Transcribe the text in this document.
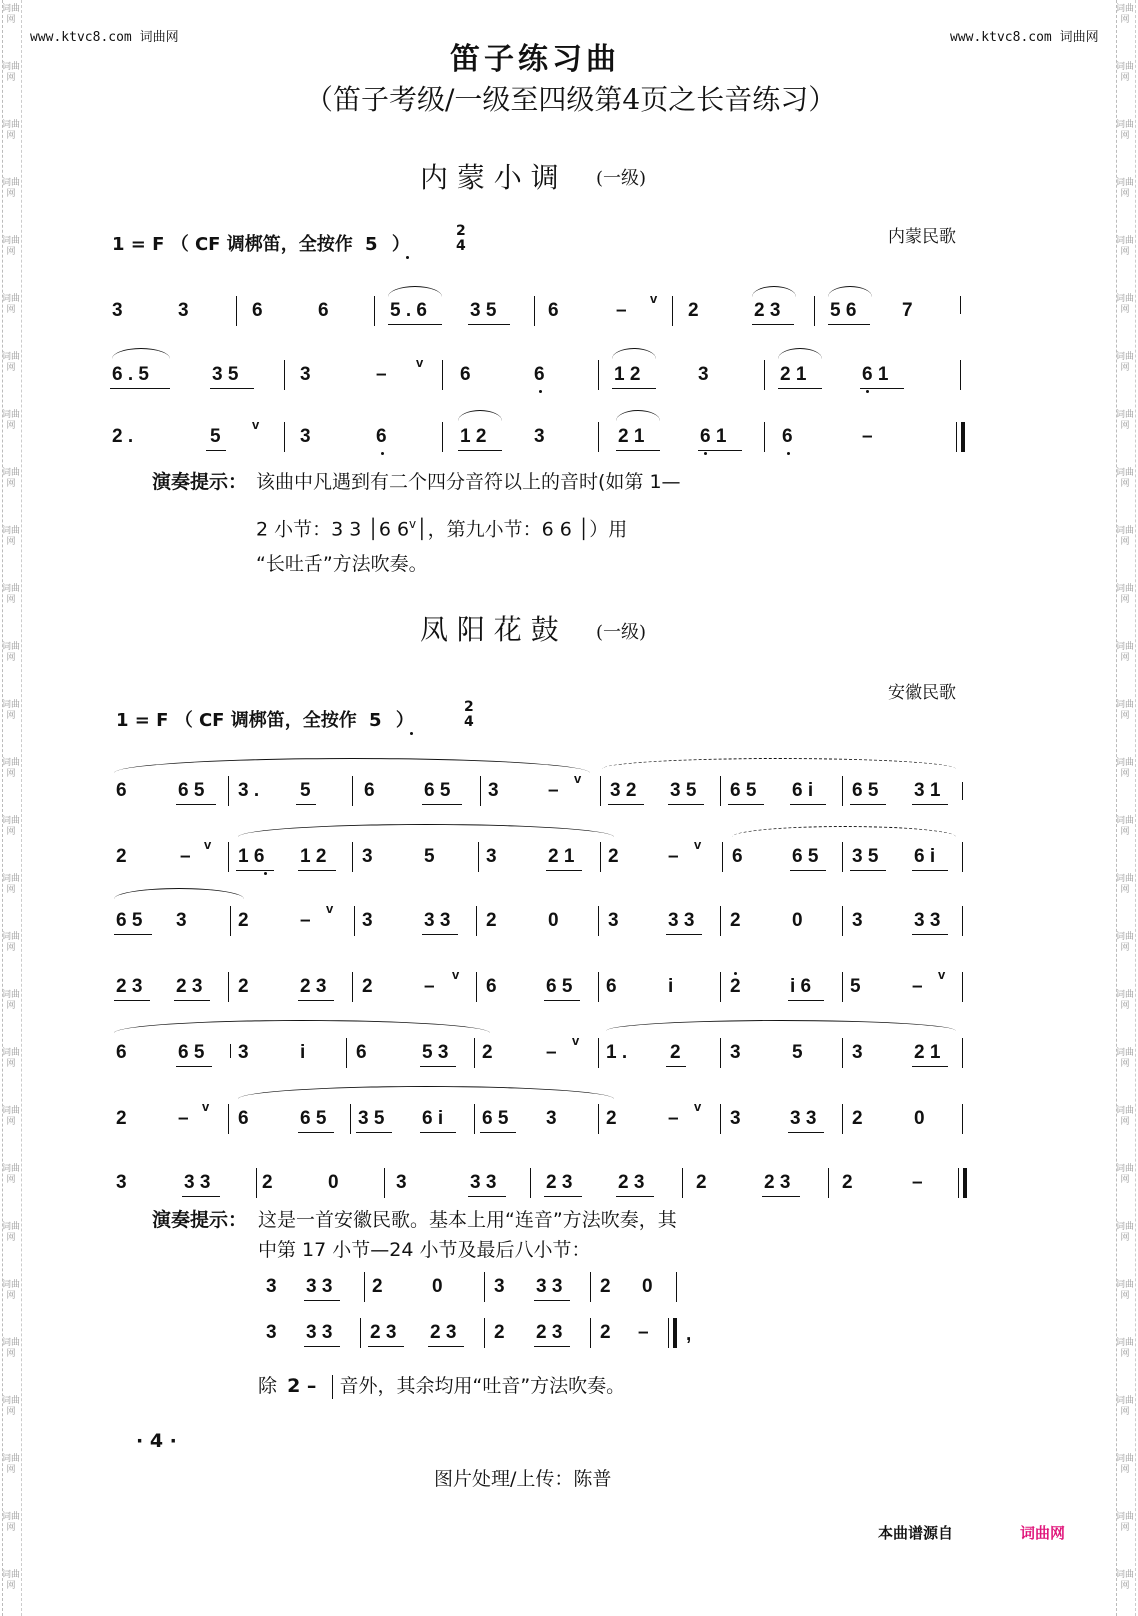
词曲网
词曲网
词曲网
词曲网
词曲网
词曲网
词曲网
词曲网
词曲网
词曲网
词曲网
词曲网
词曲网
词曲网
词曲网
词曲网
词曲网
词曲网
词曲网
词曲网
词曲网
词曲网
词曲网
词曲网
词曲网
词曲网
词曲网
词曲网
词曲网
词曲网
词曲网
词曲网
词曲网
词曲网
词曲网
词曲网
词曲网
词曲网
词曲网
词曲网
词曲网
词曲网
词曲网
词曲网
词曲网
词曲网
词曲网
词曲网
词曲网
词曲网
词曲网
词曲网
词曲网
词曲网
词曲网
词曲网
www.ktvc8.com 词曲网	www.ktvc8.com 词曲网
笛子练习曲
（笛子考级/一级至四级第4页之长音练习）
内 蒙 小 调 (一级)
内蒙民歌
1 = F （ CF 调梆笛，全按作 5 ）
2
4
3	3	6	6	5 . 6 3 5	6	–
v
2	2 3	5 6 7
6 . 5	3 5	3	–
v
6	6	1 2	3	2 1	6 1
2 .	5
v
3	6	1 2	3	2 1	6 1	6	–
演奏提示： 该曲中凡遇到有二个四分音符以上的音时(如第 1—
2 小节：3 3 │6 6$^v$│，第九小节：6 6 │）用
“长吐舌”方法吹奏。
凤 阳 花 鼓 (一级)
安徽民歌
1 = F （ CF 调梆笛，全按作 5 ）
2
4
6	6 5 3 . 5	6	6 5 3	–
v
3 2 3 5 6 5 6 i 6 5 3 1
2	–
v
1 6 1 2 3	5	3	2 1 2	–
v
6	6 5 3 5 6 i
6 5 3	2	–
v
3	3 3 2	0	3	3 3 2	0	3	3 3
2 3 2 3 2	2 3 2	–
v
6	6 5 6	i	2	i 6 5	–
v
6	6 5 3	i	6	5 3 2	–
v
1 . 2	3	5	3	2 1
2	–
v
6	6 5 3 5 6 i 6 5 3	2	–
v
3	3 3 2	0
3	3 3	2	0	3	3 3	2 3 2 3	2	2 3	2	–
演奏提示： 这是一首安徽民歌。基本上用“连音”方法吹奏，其
中第 17 小节—24 小节及最后八小节：
3 3 3 2	0	3 3 3 2 0
3 3 3 2 3 2 3 2 2 3 2 – ,
除 2 – 音外，其余均用“吐音”方法吹奏。
· 4 ·
图片处理/上传：陈普
本曲谱源自	词曲网
